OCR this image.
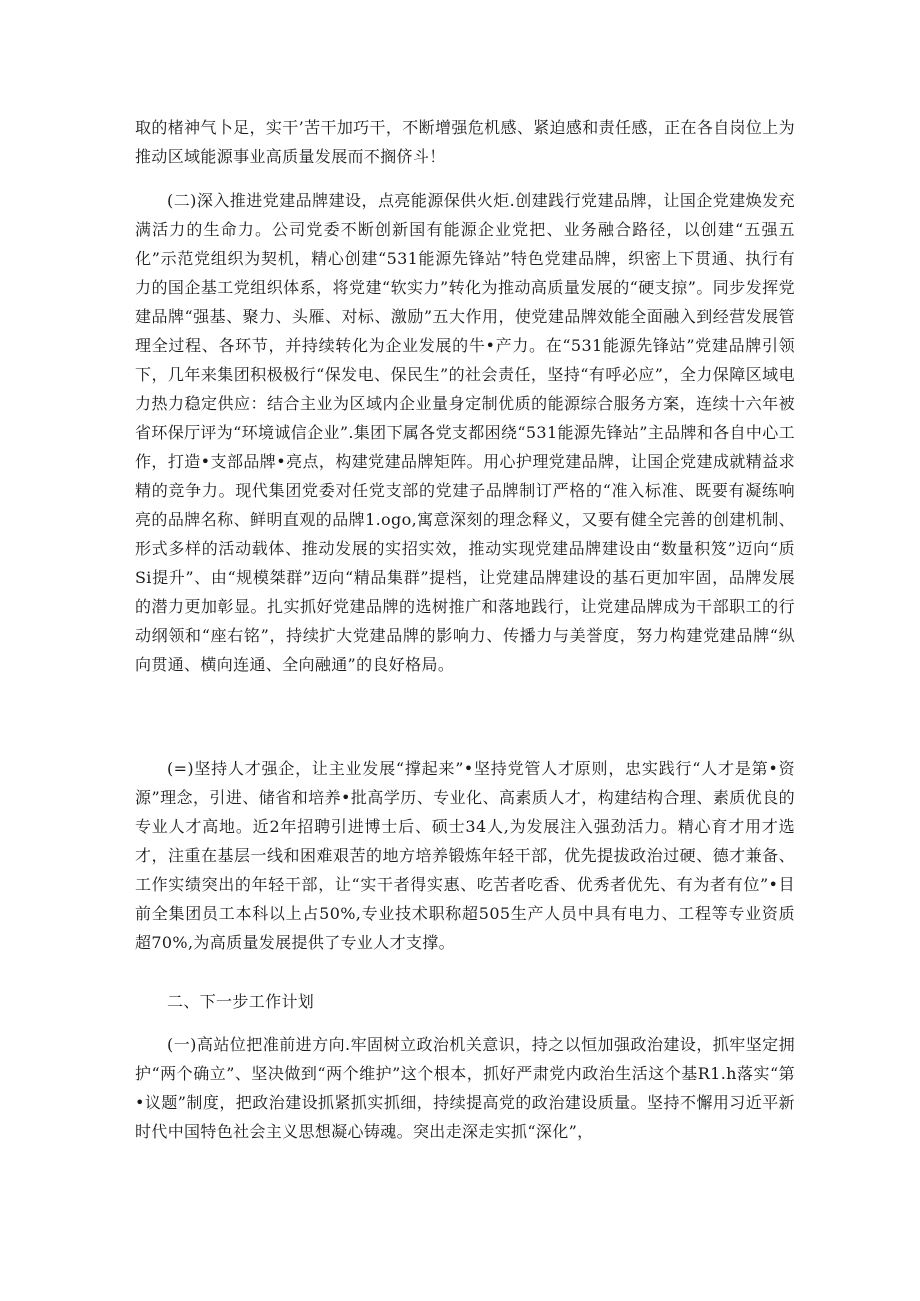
取的楮神气卜足，实干’苦干加巧干，不断增强危机感、紧迫感和责任感，正在各自岗位上为推动区域能源事业高质量发展而不搁侪斗！

(二)深入推进党建品牌建设，点亮能源保供火炬.创建践行党建品牌，让国企党建焕发充满活力的生命力。公司党委不断创新国有能源企业党把、业务融合路径，以创建“五强五化”示范党组织为契机，精心创建“531能源先锋站”特色党建品牌，织密上下贯通、执行有力的国企基工党组织体系，将党建“软实力”转化为推动高质量发展的“硬支掠”。同步发挥党建品牌“强基、聚力、头雁、对标、激励”五大作用，使党建品牌效能全面融入到经营发展管理全过程、各环节，并持续转化为企业发展的牛•产力。在“531能源先锋站”党建品牌引领下，几年来集团积极极行“保发电、保民生”的社会责任，坚持“有呼必应”，全力保障区域电力热力稳定供应：结合主业为区域内企业量身定制优质的能源综合服务方案，连续十六年被省环保厅评为“环境诚信企业”.集团下属各党支都困绕“531能源先锋站”主品牌和各自中心工作，打造•支部品牌•亮点，构建党建品牌矩阵。用心护理党建品牌，让国企党建成就精益求精的竞争力。现代集团党委对任党支部的党建子品牌制订严格的“准入标准、既要有凝练响亮的品牌名称、鲜明直观的品牌1.ogo,寓意深刻的理念释义，又要有健全完善的创建机制、形式多样的活动载体、推动发展的实招实效，推动实现党建品牌建设由“数量积笈”迈向“质Si提升”、由“规模桀群”迈向“精品集群”提档，让党建品牌建设的基石更加牢固，品牌发展的潜力更加彰显。扎实抓好党建品牌的选树推广和落地践行，让党建品牌成为干部职工的行动纲领和“座右铭”，持续扩大党建品牌的影响力、传播力与美誉度，努力构建党建品牌“纵向贯通、横向连通、全向融通”的良好格局。

(=)坚持人才强企，让主业发展“撑起来”•坚持党管人才原则，忠实践行“人才是第•资源”理念，引进、储省和培养•批高学历、专业化、高素质人才，构建结构合理、素质优良的专业人才高地。近2年招聘引进博士后、硕士34人,为发展注入强劲活力。精心育才用才选才，注重在基层一线和困难艰苦的地方培养锻炼年轻干部，优先提拔政治过硬、德才兼备、工作实绩突出的年轻干部，让“实干者得实惠、吃苦者吃香、优秀者优先、有为者有位”•目前全集团员工本科以上占50%,专业技术职称超505生产人员中具有电力、工程等专业资质超70%,为高质量发展提供了专业人才支撑。

二、下一步工作计划

(一)高站位把准前进方向.牢固树立政治机关意识，持之以恒加强政治建设，抓牢坚定拥护“两个确立”、坚决做到“两个维护”这个根本，抓好严肃党内政治生活这个基R1.h落实“第•议题”制度，把政治建设抓紧抓实抓细，持续提高党的政治建设质量。坚持不懈用习近平新时代中国特色社会主义思想凝心铸魂。突出走深走实抓“深化”，
